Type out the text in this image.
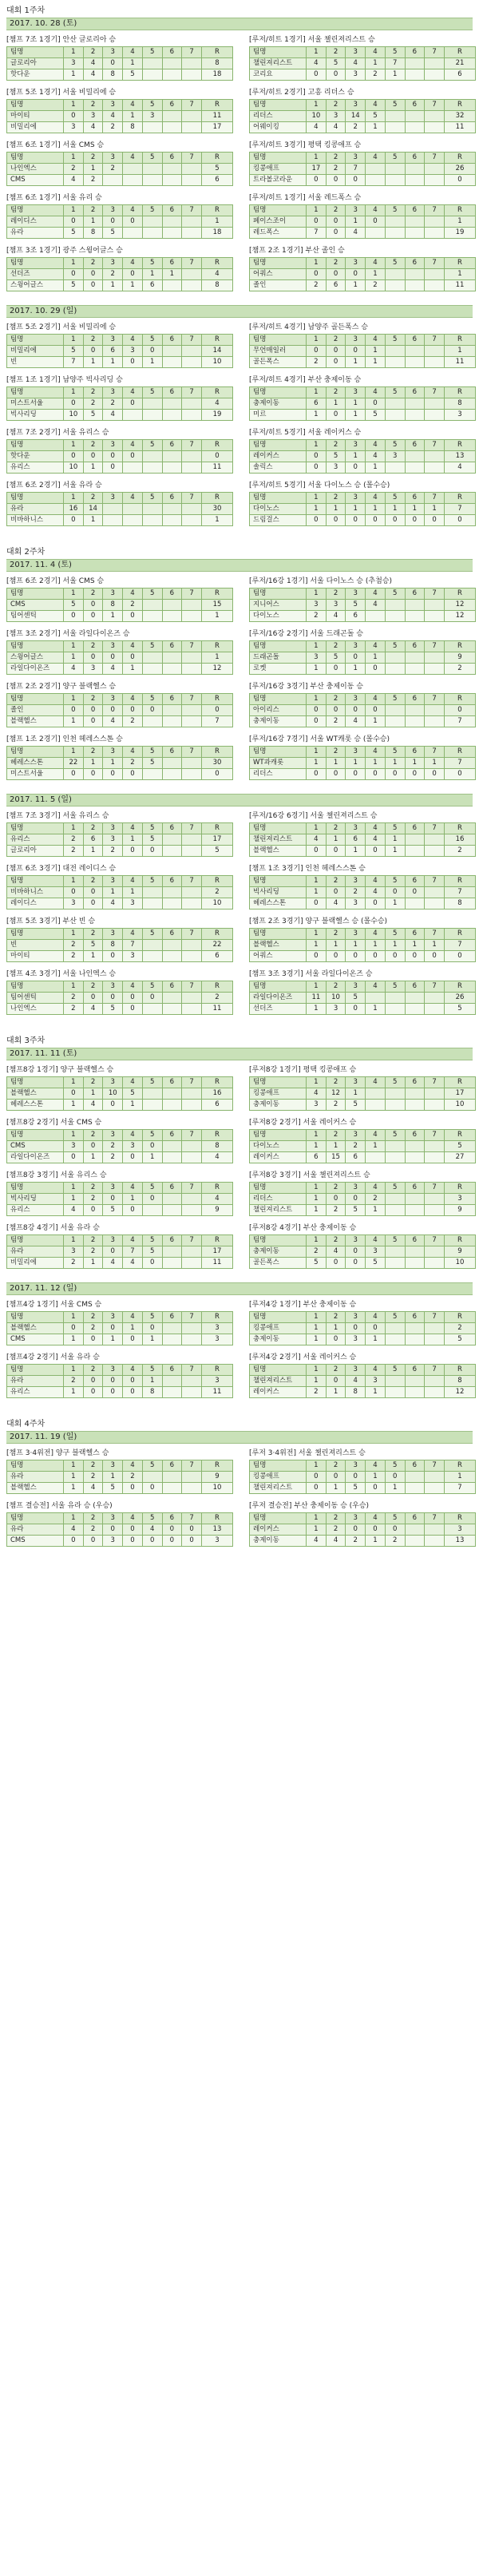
대회 1주차
2017. 10. 28 (토)
[챔프 7조 1경기] 안산 글로리아 승
팀명	1	2	3	4	5	6	7	R
글로리아	3	4	0	1				8
핫다운	1	4	8	5				18
[루저/히트 1경기] 서울 챌린져리스트 승
팀명	1	2	3	4	5	6	7	R
챌린져리스트	4	5	4	1	7			21
코리요	0	0	3	2	1			6
[챔프 5조 1경기] 서울 비밀리에 승
팀명	1	2	3	4	5	6	7	R
마이티	0	3	4	1	3			11
비밀리에	3	4	2	8				17
[루저/히트 2경기] 고흥 리더스 승
팀명	1	2	3	4	5	6	7	R
리더스	10	3	14	5				32
어웨이킹	4	4	2	1				11
[챔프 6조 1경기] 서울 CMS 승
팀명	1	2	3	4	5	6	7	R
나인엑스	2	1	2					5
CMS	4	2						6
[루저/히트 3경기] 평택 킹콩애프 승
팀명	1	2	3	4	5	6	7	R
킹콩애프	17	2	7					26
트라볼코라운	0	0	0					0
[챔프 6조 1경기] 서울 유리 승
팀명	1	2	3	4	5	6	7	R
레이디스	0	1	0	0				1
유라	5	8	5					18
[루저/히트 1경기] 서울 레드폭스 승
팀명	1	2	3	4	5	6	7	R
페이스조이	0	0	1	0				1
레드폭스	7	0	4					19
[챔프 3조 1경기] 광주 스윙어글스 승
팀명	1	2	3	4	5	6	7	R
선더즈	0	0	2	0	1	1		4
스윙어글스	5	0	1	1	6			8
[챔프 2조 1경기] 부산 졸인 승
팀명	1	2	3	4	5	6	7	R
어쿼스	0	0	0	1				1
졸인	2	6	1	2				11
2017. 10. 29 (일)
[챔프 5조 2경기] 서울 비밀리에 승
팀명	1	2	3	4	5	6	7	R
비밀리에	5	0	6	3	0			14
빈	7	1	1	0	1			10
[루저/히트 4경기] 남양주 골든폭스 승
팀명	1	2	3	4	5	6	7	R
무언매일러	0	0	0	1				1
골든폭스	2	0	1	1				11
[챔프 1조 1경기] 남양주 빅사리딩 승
팀명	1	2	3	4	5	6	7	R
미스트서울	0	2	2	0				4
빅사리딩	10	5	4					19
[루저/히트 4경기] 부산 충제이동 승
팀명	1	2	3	4	5	6	7	R
충제이동	6	1	1	0				8
미르	1	0	1	5				3
[챔프 7조 2경기] 서울 유리스 승
팀명	1	2	3	4	5	6	7	R
핫다운	0	0	0	0				0
유리스	10	1	0					11
[루저/히트 5경기] 서울 레이커스 승
팀명	1	2	3	4	5	6	7	R
레이커스	0	5	1	4	3			13
솔릭스	0	3	0	1				4
[챔프 6조 2경기] 서울 유라 승
팀명	1	2	3	4	5	6	7	R
유라	16	14						30
비바하니스	0	1						1
[루저/히트 5경기] 서울 다이노스 승 (몰수승)
팀명	1	2	3	4	5	6	7	R
다이노스	1	1	1	1	1	1	1	7
드림걸스	0	0	0	0	0	0	0	0
대회 2주차
2017. 11. 4 (토)
[챔프 6조 2경기] 서울 CMS 승
팀명	1	2	3	4	5	6	7	R
CMS	5	0	8	2				15
팀어센틱	0	0	1	0				1
[루저/16강 1경기] 서울 다이노스 승 (추첨승)
팀명	1	2	3	4	5	6	7	R
지니어스	3	3	5	4				12
다이노스	2	4	6					12
[챔프 3조 2경기] 서울 라일다이온즈 승
팀명	1	2	3	4	5	6	7	R
스윙어글스	1	0	0	0				1
라일다이온즈	4	3	4	1				12
[루저/16강 2경기] 서울 드래곤돌 승
팀명	1	2	3	4	5	6	7	R
드래곤돌	3	5	0	1				9
로켓	1	0	1	0				2
[챔프 2조 2경기] 양구 블랙헬스 승
팀명	1	2	3	4	5	6	7	R
졸인	0	0	0	0	0			0
블랙헬스	1	0	4	2				7
[루저/16강 3경기] 부산 충제이동 승
팀명	1	2	3	4	5	6	7	R
아이리스	0	0	0	0				0
충제이동	0	2	4	1				7
[챔프 1조 2경기] 인천 헤레스스톤 승
팀명	1	2	3	4	5	6	7	R
헤레스스톤	22	1	1	2	5			30
미스트서울	0	0	0	0				0
[루저/16강 7경기] 서울 WT캐롯 승 (몰수승)
팀명	1	2	3	4	5	6	7	R
WT과캐롯	1	1	1	1	1	1	1	7
리더스	0	0	0	0	0	0	0	0
2017. 11. 5 (일)
[챔프 7조 3경기] 서울 유리스 승
팀명	1	2	3	4	5	6	7	R
유리스	2	6	3	1	5			17
글로리아	2	1	2	0	0			5
[루저/16강 6경기] 서울 챌린져리스트 승
팀명	1	2	3	4	5	6	7	R
챌린져리스트	4	1	6	4	1			16
블랙헬스	0	0	1	0	1			2
[챔프 6조 3경기] 대전 레이디스 승
팀명	1	2	3	4	5	6	7	R
비바하니스	0	0	1	1				2
레이디스	3	0	4	3				10
[챔프 1조 3경기] 인천 헤레스스톤 승
팀명	1	2	3	4	5	6	7	R
빅사리딩	1	0	2	4	0	0		7
헤레스스톤	0	4	3	0	1			8
[챔프 5조 3경기] 부산 빈 승
팀명	1	2	3	4	5	6	7	R
빈	2	5	8	7				22
마이티	2	1	0	3				6
[챔프 2조 3경기] 양구 블랙헬스 승 (몰수승)
팀명	1	2	3	4	5	6	7	R
블랙헬스	1	1	1	1	1	1	1	7
어쿼스	0	0	0	0	0	0	0	0
[챔프 4조 3경기] 서울 나인엑스 승
팀명	1	2	3	4	5	6	7	R
팀어센틱	2	0	0	0	0			2
나인엑스	2	4	5	0				11
[챔프 3조 3경기] 서울 라일다이온즈 승
팀명	1	2	3	4	5	6	7	R
라일다이온즈	11	10	5					26
선더즈	1	3	0	1				5
대회 3주차
2017. 11. 11 (토)
[챔프8강 1경기] 양구 블랙헬스 승
팀명	1	2	3	4	5	6	7	R
블랙헬스	0	1	10	5				16
헤레스스톤	1	4	0	1				6
[루저8강 1경기] 평택 킹콩애프 승
팀명	1	2	3	4	5	6	7	R
킹콩애프	4	12	1					17
충제이동	3	2	5					10
[챔프8강 2경기] 서울 CMS 승
팀명	1	2	3	4	5	6	7	R
CMS	3	0	2	3	0			8
라일다이온즈	0	1	2	0	1			4
[루저8강 2경기] 서울 레이커스 승
팀명	1	2	3	4	5	6	7	R
다이노스	1	1	2	1				5
레이커스	6	15	6					27
[챔프8강 3경기] 서울 유리스 승
팀명	1	2	3	4	5	6	7	R
빅사리딩	1	2	0	1	0			4
유리스	4	0	5	0				9
[루저8강 3경기] 서울 챌린져리스트 승
팀명	1	2	3	4	5	6	7	R
리더스	1	0	0	2				3
챌린져리스트	1	2	5	1				9
[챔프8강 4경기] 서울 유라 승
팀명	1	2	3	4	5	6	7	R
유라	3	2	0	7	5			17
비밀리에	2	1	4	4	0			11
[루저8강 4경기] 부산 충제이동 승
팀명	1	2	3	4	5	6	7	R
충제이동	2	4	0	3				9
골든폭스	5	0	0	5				10
2017. 11. 12 (일)
[챔프4강 1경기] 서울 CMS 승
팀명	1	2	3	4	5	6	7	R
블랙헬스	0	2	0	1	0			3
CMS	1	0	1	0	1			3
[루저4강 1경기] 부산 충제이동 승
팀명	1	2	3	4	5	6	7	R
킹콩애프	1	1	0	0				2
충제이동	1	0	3	1				5
[챔프4강 2경기] 서울 유라 승
팀명	1	2	3	4	5	6	7	R
유라	2	0	0	0	1			3
유리스	1	0	0	0	8			11
[루저4강 2경기] 서울 레이커스 승
팀명	1	2	3	4	5	6	7	R
챌린져리스트	1	0	4	3				8
레이커스	2	1	8	1				12
대회 4주차
2017. 11. 19 (일)
[챔프 3·4위전] 양구 블랙헬스 승
팀명	1	2	3	4	5	6	7	R
유라	1	2	1	2				9
블랙헬스	1	4	5	0	0			10
[루저 3·4위전] 서울 챌린져리스트 승
팀명	1	2	3	4	5	6	7	R
킹콩애프	0	0	0	1	0			1
챌린져리스트	0	1	5	0	1			7
[챔프 결승전] 서울 유라 승 (우승)
팀명	1	2	3	4	5	6	7	R
유라	4	2	0	0	4	0	0	13
CMS	0	0	3	0	0	0	0	3
[루저 결승전] 부산 충제이동 승 (우승)
팀명	1	2	3	4	5	6	7	R
레이커스	1	2	0	0	0			3
충제이동	4	4	2	1	2			13
